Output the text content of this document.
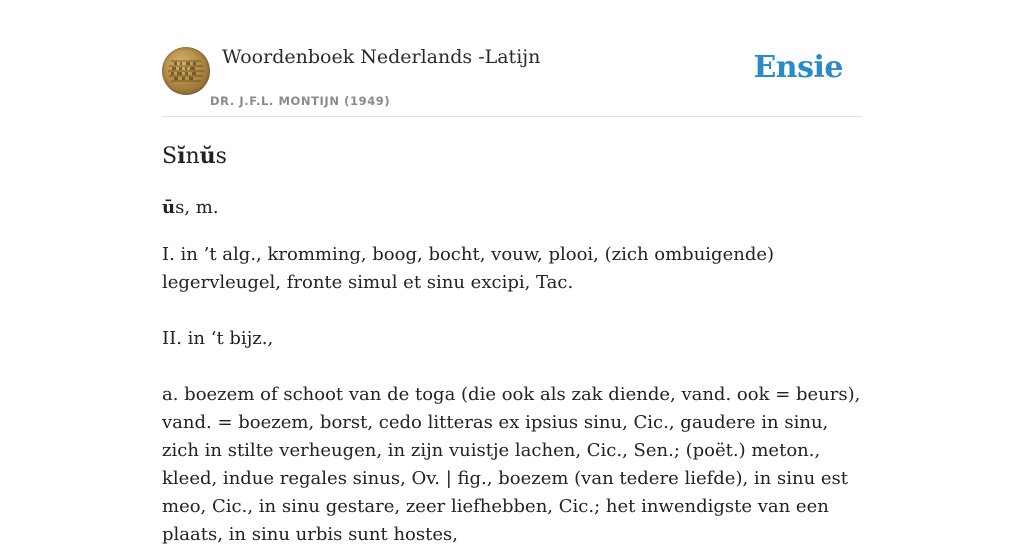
Woordenboek Nederlands -Latijn
DR. J.F.L. MONTIJN (1949)
Ensie
Sĭnŭs
ūs, m.

I. in ’t alg., kromming, boog, bocht, vouw, plooi, (zich ombuigende) legervleugel, fronte simul et sinu excipi, Tac.

II. in ‘t bijz.,

a. boezem of schoot van de toga (die ook als zak diende, vand. ook = beurs), vand. = boezem, borst, cedo litteras ex ipsius sinu, Cic., gaudere in sinu, zich in stilte verheugen, in zijn vuistje lachen, Cic., Sen.; (poët.) meton., kleed, indue regales sinus, Ov. | fig., boezem (van tedere liefde), in sinu est meo, Cic., in sinu gestare, zeer liefhebben, Cic.; het inwendigste van een plaats, in sinu urbis sunt hostes,
